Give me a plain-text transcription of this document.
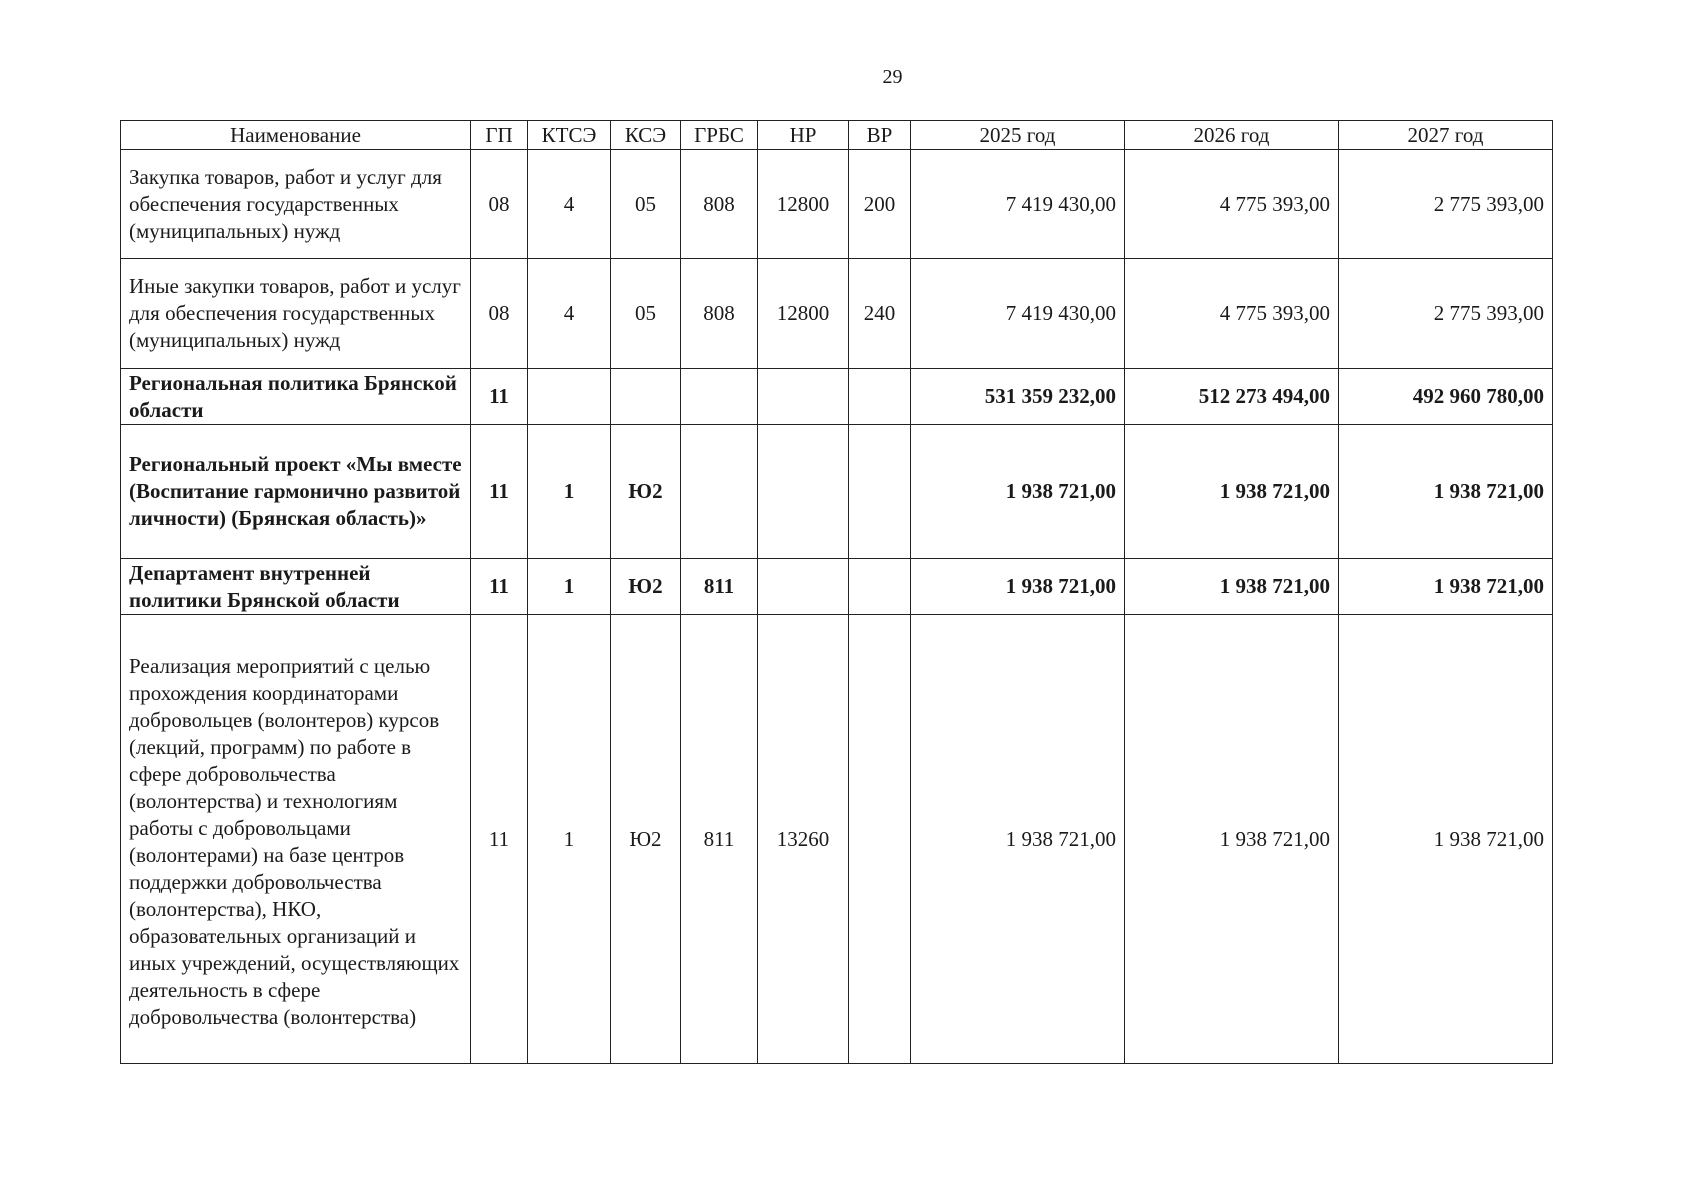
29
Наименование	ГП	КТСЭ	КСЭ	ГРБС	НР	ВР	2025 год	2026 год	2027 год
Закупка товаров, работ и услуг для обеспечения государственных (муниципальных) нужд	08	4	05	808	12800	200	7 419 430,00	4 775 393,00	2 775 393,00
Иные закупки товаров, работ и услуг для обеспечения государственных (муниципальных) нужд	08	4	05	808	12800	240	7 419 430,00	4 775 393,00	2 775 393,00
Региональная политика Брянской области	11						531 359 232,00	512 273 494,00	492 960 780,00
Региональный проект «Мы вместе (Воспитание гармонично развитой личности) (Брянская область)»	11	1	Ю2				1 938 721,00	1 938 721,00	1 938 721,00
Департамент внутренней политики Брянской области	11	1	Ю2	811			1 938 721,00	1 938 721,00	1 938 721,00
Реализация мероприятий с целью прохождения координаторами добровольцев (волонтеров) курсов (лекций, программ) по работе в сфере добровольчества (волонтерства) и технологиям работы с добровольцами (волонтерами) на базе центров поддержки добровольчества (волонтерства), НКО, образовательных организаций и иных учреждений, осуществляющих деятельность в сфере добровольчества (волонтерства)	11	1	Ю2	811	13260		1 938 721,00	1 938 721,00	1 938 721,00
